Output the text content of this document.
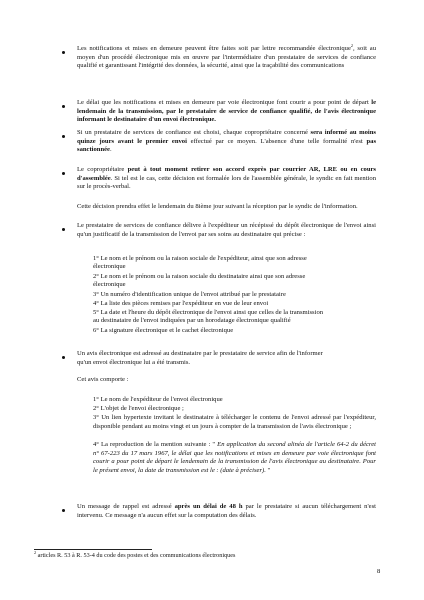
Les notifications et mises en demeure peuvent être faites soit par lettre recommandée électronique$^2$, soit au moyen d'un procédé électronique mis en œuvre par l'intermédiaire d'un prestataire de services de confiance qualifié et garantissant l'intégrité des données, la sécurité, ainsi que la traçabilité des communications

Le délai que les notifications et mises en demeure par voie électronique font courir a pour point de départ le lendemain de la transmission, par le prestataire de service de confiance qualifié, de l'avis électronique informant le destinataire d'un envoi électronique.

Si un prestataire de services de confiance est choisi, chaque copropriétaire concerné sera informé au moins quinze jours avant le premier envoi effectué par ce moyen. L'absence d'une telle formalité n'est pas sanctionnée.

Le copropriétaire peut à tout moment retirer son accord exprès par courrier AR, LRE ou en cours d'assemblée. Si tel est le cas, cette décision est formalée lors de l'assemblée générale, le syndic en fait mention sur le procès-verbal.

Cette décision prendra effet le lendemain du 8ième jour suivant la réception par le syndic de l'information.

Le prestataire de services de confiance délivre à l'expéditeur un récépissé du dépôt électronique de l'envoi ainsi qu'un justificatif de la transmission de l'envoi par ses soins au destinataire qui précise :

1° Le nom et le prénom ou la raison sociale de l'expéditeur, ainsi que son adresse
électronique
2° Le nom et le prénom ou la raison sociale du destinataire ainsi que son adresse
électronique
3° Un numéro d'identification unique de l'envoi attribué par le prestataire
4° La liste des pièces remises par l'expéditeur en vue de leur envoi
5° La date et l'heure du dépôt électronique de l'envoi ainsi que celles de la transmission
au destinataire de l'envoi indiquées par un horodatage électronique qualifié
6° La signature électronique et le cachet électronique
Un avis électronique est adressé au destinataire par le prestataire de service afin de l'informer
qu'un envoi électronique lui a été transmis.
Cet avis comporte :
1° Le nom de l'expéditeur de l'envoi électronique
2° L'objet de l'envoi électronique ;

3° Un lien hypertexte invitant le destinataire à télécharger le contenu de l'envoi adressé par l'expéditeur, disponible pendant au moins vingt et un jours à compter de la transmission de l'avis électronique ;

4° La reproduction de la mention suivante : " En application du second alinéa de l'article 64-2 du décret n° 67-223 du 17 mars 1967, le délai que les notifications et mises en demeure par voie électronique font courir a pour point de départ le lendemain de la transmission de l'avis électronique au destinataire. Pour le présent envoi, la date de transmission est le : (date à préciser). "

Un message de rappel est adressé après un délai de 48 h par le prestataire si aucun téléchargement n'est intervenu. Ce message n'a aucun effet sur la computation des délais.

$^2$ articles R. 53 à R. 53-4 du code des postes et des communications électroniques
8
